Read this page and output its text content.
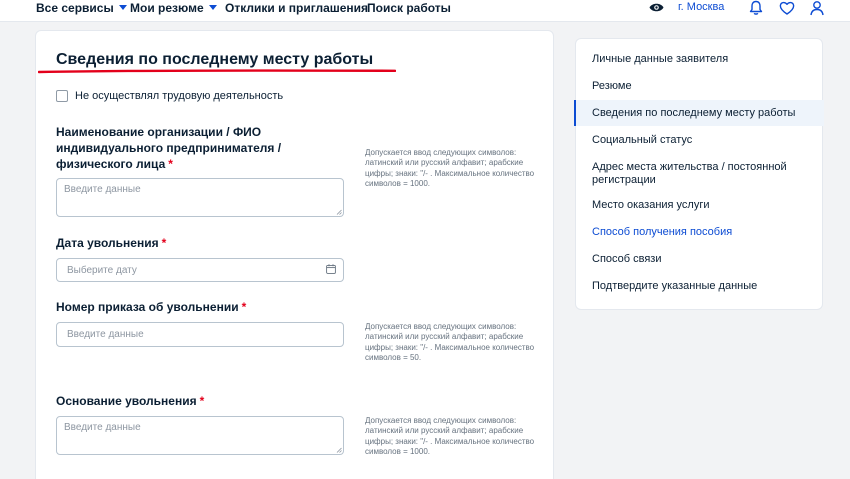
Все сервисы	Мои резюме	Отклики и приглашения
Поиск работы	г. Москва
Сведения по последнему месту работы
Не осуществлял трудовую деятельность
Наименование организации / ФИО индивидуального предпринимателя / физического лица *
Введите данные
Допускается ввод следующих символов: латинский или русский алфавит; арабские цифры; знаки: "/- . Максимальное количество символов = 1000.
Дата увольнения *
Выберите дату
Номер приказа об увольнении *
Введите данные
Допускается ввод следующих символов: латинский или русский алфавит; арабские цифры; знаки: "/- . Максимальное количество символов = 50.
Основание увольнения *
Введите данные
Допускается ввод следующих символов: латинский или русский алфавит; арабские цифры; знаки: "/- . Максимальное количество символов = 1000.
Личные данные заявителя
Резюме
Сведения по последнему месту работы
Социальный статус
Адрес места жительства / постоянной регистрации
Место оказания услуги
Способ получения пособия
Способ связи
Подтвердите указанные данные
